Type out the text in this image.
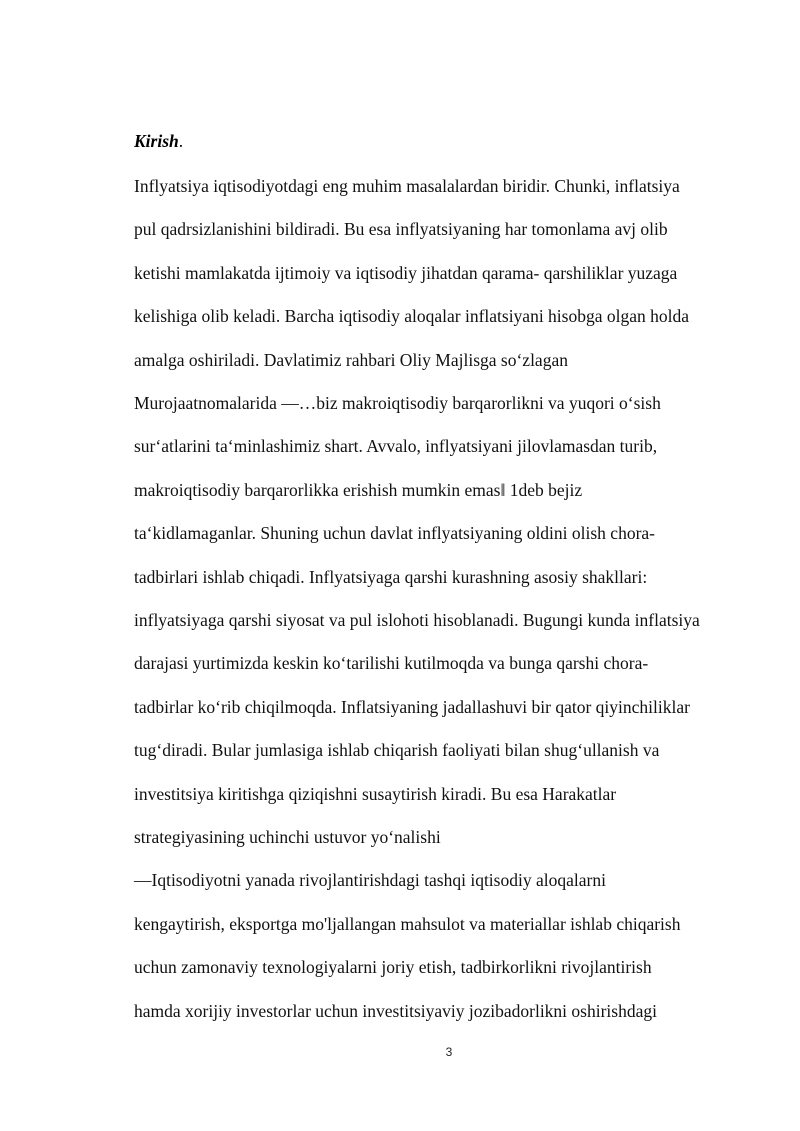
Kirish.

Inflyatsiya iqtisodiyotdagi eng muhim masalalardan biridir. Chunki, inflatsiya

pul qadrsizlanishini bildiradi. Bu esa inflyatsiyaning har tomonlama avj olib

ketishi mamlakatda ijtimoiy va iqtisodiy jihatdan qarama- qarshiliklar yuzaga

kelishiga olib keladi. Barcha iqtisodiy aloqalar inflatsiyani hisobga olgan holda

amalga oshiriladi. Davlatimiz rahbari Oliy Majlisga so‘zlagan

Murojaatnomalarida —…biz makroiqtisodiy barqarorlikni va yuqori o‘sish

sur‘atlarini ta‘minlashimiz shart. Avvalo, inflyatsiyani jilovlamasdan turib,

makroiqtisodiy barqarorlikka erishish mumkin emas‖ 1deb bejiz

ta‘kidlamaganlar. Shuning uchun davlat inflyatsiyaning oldini olish chora-

tadbirlari ishlab chiqadi. Inflyatsiyaga qarshi kurashning asosiy shakllari:

inflyatsiyaga qarshi siyosat va pul islohoti hisoblanadi. Bugungi kunda inflatsiya

darajasi yurtimizda keskin ko‘tarilishi kutilmoqda va bunga qarshi chora-

tadbirlar ko‘rib chiqilmoqda. Inflatsiyaning jadallashuvi bir qator qiyinchiliklar

tug‘diradi. Bular jumlasiga ishlab chiqarish faoliyati bilan shug‘ullanish va

investitsiya kiritishga qiziqishni susaytirish kiradi. Bu esa Harakatlar

strategiyasining uchinchi ustuvor yo‘nalishi

—Iqtisodiyotni yanada rivojlantirishdagi tashqi iqtisodiy aloqalarni

kengaytirish, eksportga mo'ljallangan mahsulot va materiallar ishlab chiqarish

uchun zamonaviy texnologiyalarni joriy etish, tadbirkorlikni rivojlantirish

hamda xorijiy investorlar uchun investitsiyaviy jozibadorlikni oshirishdagi

3
